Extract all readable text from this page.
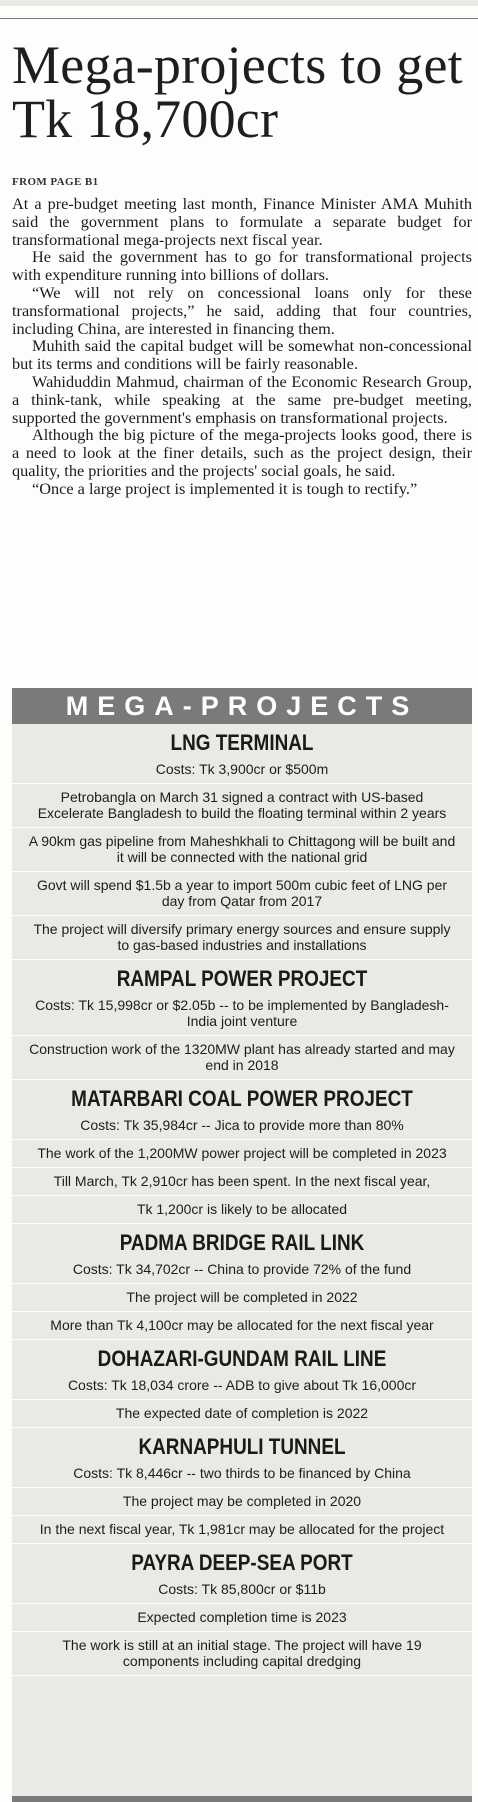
Mega-projects to get Tk 18,700cr
FROM PAGE B1

At a pre-budget meeting last month, Finance Minister AMA Muhith said the government plans to formulate a separate budget for transformational mega-projects next fiscal year.

He said the government has to go for transformational projects with expenditure running into billions of dollars.

“We will not rely on concessional loans only for these transformational projects,” he said, adding that four countries, including China, are interested in financing them.

Muhith said the capital budget will be somewhat non-concessional but its terms and conditions will be fairly reasonable.

Wahiduddin Mahmud, chairman of the Economic Research Group, a think-tank, while speaking at the same pre-budget meeting, supported the government's emphasis on transformational projects.

Although the big picture of the mega-projects looks good, there is a need to look at the finer details, such as the project design, their quality, the priorities and the projects' social goals, he said.

“Once a large project is implemented it is tough to rectify.”

MEGA-PROJECTS
LNG TERMINAL
Costs: Tk 3,900cr or $500m
Petrobangla on March 31 signed a contract with US-based Excelerate Bangladesh to build the floating terminal within 2 years
A 90km gas pipeline from Maheshkhali to Chittagong will be built and it will be connected with the national grid
Govt will spend $1.5b a year to import 500m cubic feet of LNG per day from Qatar from 2017
The project will diversify primary energy sources and ensure supply to gas-based industries and installations
RAMPAL POWER PROJECT
Costs: Tk 15,998cr or $2.05b -- to be implemented by Bangladesh-India joint venture
Construction work of the 1320MW plant has already started and may end in 2018
MATARBARI COAL POWER PROJECT
Costs: Tk 35,984cr -- Jica to provide more than 80%
The work of the 1,200MW power project will be completed in 2023
Till March, Tk 2,910cr has been spent. In the next fiscal year,
Tk 1,200cr is likely to be allocated
PADMA BRIDGE RAIL LINK
Costs: Tk 34,702cr -- China to provide 72% of the fund
The project will be completed in 2022
More than Tk 4,100cr may be allocated for the next fiscal year
DOHAZARI-GUNDAM RAIL LINE
Costs: Tk 18,034 crore -- ADB to give about Tk 16,000cr
The expected date of completion is 2022
KARNAPHULI TUNNEL
Costs: Tk 8,446cr -- two thirds to be financed by China
The project may be completed in 2020
In the next fiscal year, Tk 1,981cr may be allocated for the project
PAYRA DEEP-SEA PORT
Costs: Tk 85,800cr or $11b
Expected completion time is 2023
The work is still at an initial stage. The project will have 19 components including capital dredging
